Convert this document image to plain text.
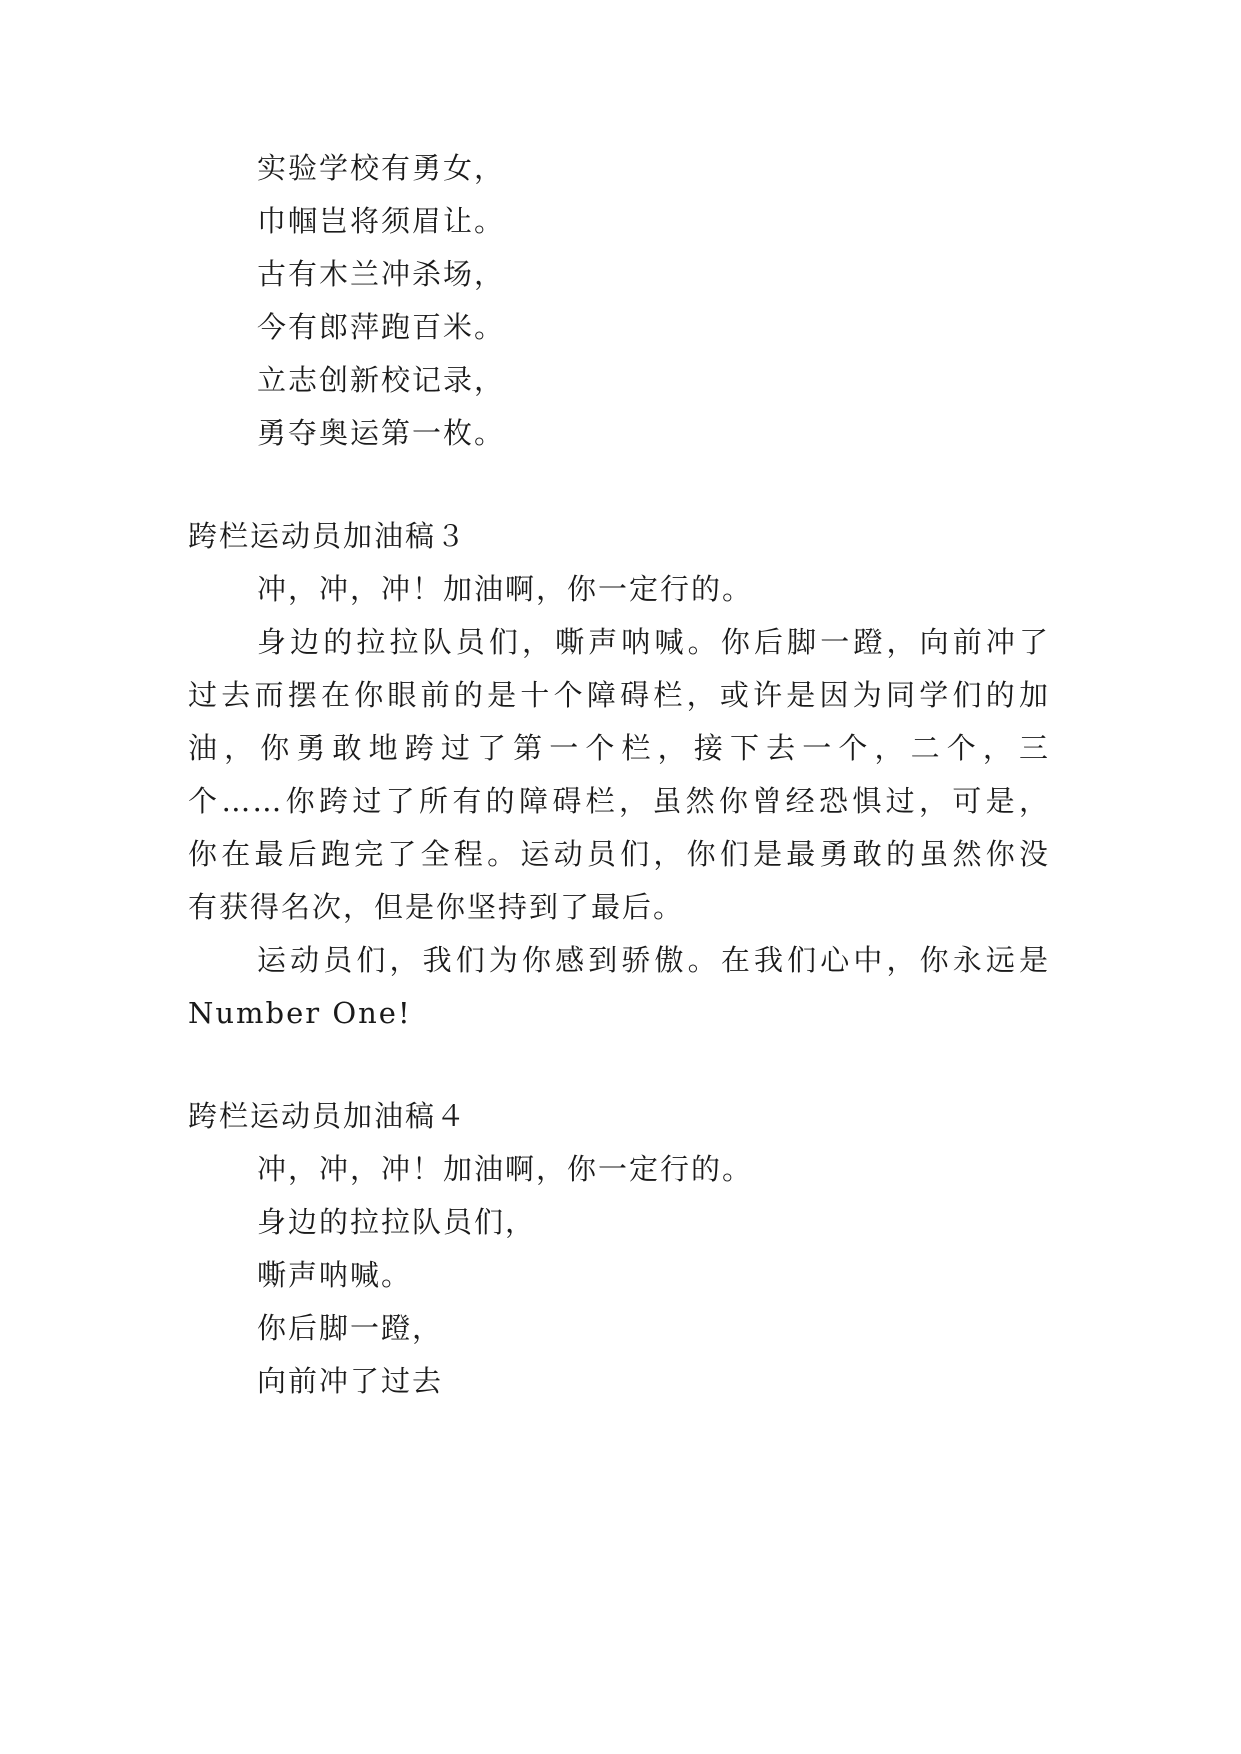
实验学校有勇女，
巾帼岂将须眉让。
古有木兰冲杀场，
今有郎萍跑百米。
立志创新校记录，
勇夺奥运第一枚。
跨栏运动员加油稿３
冲，冲，冲！加油啊，你一定行的。
身边的拉拉队员们，嘶声呐喊。你后脚一蹬，向前冲了
过去而摆在你眼前的是十个障碍栏，或许是因为同学们的加
油，你勇敢地跨过了第一个栏，接下去一个，二个，三
个……你跨过了所有的障碍栏，虽然你曾经恐惧过，可是，
你在最后跑完了全程。运动员们，你们是最勇敢的虽然你没
有获得名次，但是你坚持到了最后。
运动员们，我们为你感到骄傲。在我们心中，你永远是
Number One!
跨栏运动员加油稿４
冲，冲，冲！加油啊，你一定行的。
身边的拉拉队员们，
嘶声呐喊。
你后脚一蹬，
向前冲了过去
